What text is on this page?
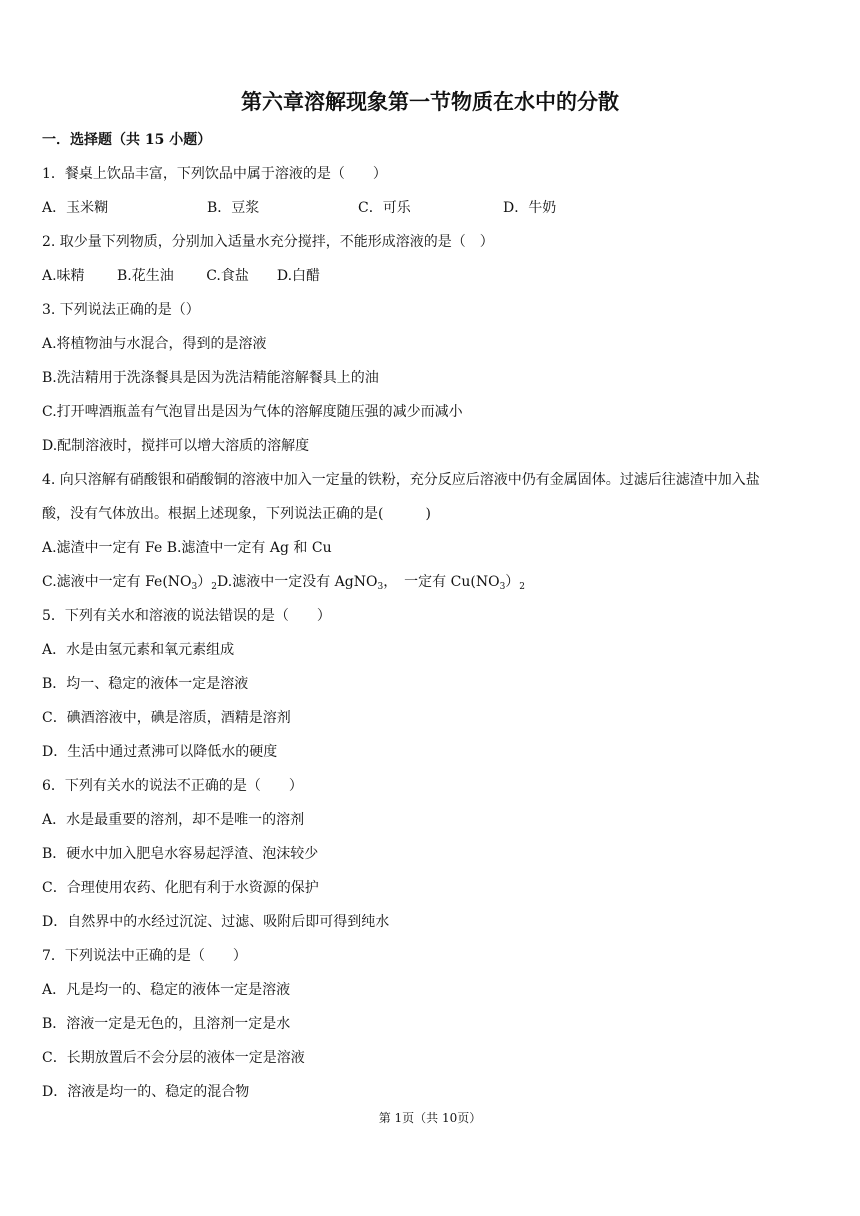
第六章溶解现象第一节物质在水中的分散
一．选择题（共 15 小题）
1．餐桌上饮品丰富，下列饮品中属于溶液的是（　　）
A．玉米糊	B．豆浆	C．可乐	D．牛奶
2. 取少量下列物质，分别加入适量水充分搅拌，不能形成溶液的是（　）
A.味精　　 B.花生油　　 C.食盐　　D.白醋
3. 下列说法正确的是（）
A.将植物油与水混合，得到的是溶液
B.洗洁精用于洗涤餐具是因为洗洁精能溶解餐具上的油
C.打开啤酒瓶盖有气泡冒出是因为气体的溶解度随压强的减少而减小
D.配制溶液时，搅拌可以增大溶质的溶解度
4. 向只溶解有硝酸银和硝酸铜的溶液中加入一定量的铁粉，充分反应后溶液中仍有金属固体。过滤后往滤渣中加入盐
酸，没有气体放出。根据上述现象，下列说法正确的是(　　　)
A.滤渣中一定有 Fe B.滤渣中一定有 Ag 和 Cu
C.滤液中一定有 $Fe(NO_3)_2D$.滤液中一定没有 AgNO$_3$，　一定有 $Cu(NO_3)_2$
5．下列有关水和溶液的说法错误的是（　　）
A．水是由氢元素和氧元素组成
B．均一、稳定的液体一定是溶液
C．碘酒溶液中，碘是溶质，酒精是溶剂
D．生活中通过煮沸可以降低水的硬度
6．下列有关水的说法不正确的是（　　）
A．水是最重要的溶剂，却不是唯一的溶剂
B．硬水中加入肥皂水容易起浮渣、泡沫较少
C．合理使用农药、化肥有利于水资源的保护
D．自然界中的水经过沉淀、过滤、吸附后即可得到纯水
7．下列说法中正确的是（　　）
A．凡是均一的、稳定的液体一定是溶液
B．溶液一定是无色的，且溶剂一定是水
C．长期放置后不会分层的液体一定是溶液
D．溶液是均一的、稳定的混合物
第 1页（共 10页）
